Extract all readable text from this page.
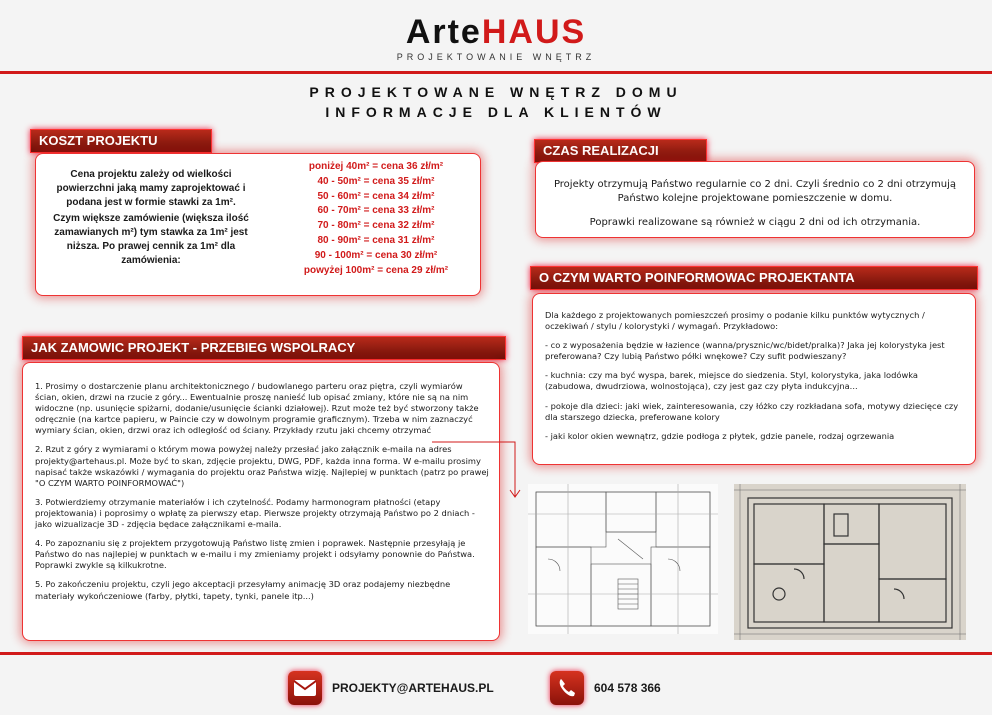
ArteHAUS
PROJEKTOWANIE WNĘTRZ
PROJEKTOWANE WNĘTRZ DOMU
INFORMACJE DLA KLIENTÓW
KOSZT PROJEKTU
Cena projektu zależy od wielkości powierzchni jaką mamy zaprojektować i podana jest w formie stawki za 1m².
Czym większe zamówienie (większa ilość zamawianych m²) tym stawka za 1m² jest niższa. Po prawej cennik za 1m² dla zamówienia:
poniżej 40m² = cena 36 zł/m²
40 - 50m² = cena 35 zł/m²
50 - 60m² = cena 34 zł/m²
60 - 70m² = cena 33 zł/m²
70 - 80m² = cena 32 zł/m²
80 - 90m² = cena 31 zł/m²
90 - 100m² = cena 30 zł/m²
powyżej 100m² = cena 29 zł/m²
CZAS REALIZACJI

Projekty otrzymują Państwo regularnie co 2 dni. Czyli średnio co 2 dni otrzymują Państwo kolejne projektowane pomieszczenie w domu.

Poprawki realizowane są również w ciągu 2 dni od ich otrzymania.

O CZYM WARTO POINFORMOWAC PROJEKTANTA

Dla każdego z projektowanych pomieszczeń prosimy o podanie kilku punktów wytycznych / oczekiwań / stylu / kolorystyki / wymagań. Przykładowo:

- co z wyposażenia będzie w łazience (wanna/prysznic/wc/bidet/pralka)? Jaka jej kolorystyka jest preferowana? Czy lubią Państwo półki wnękowe? Czy sufit podwieszany?

- kuchnia: czy ma być wyspa, barek, miejsce do siedzenia. Styl, kolorystyka, jaka lodówka (zabudowa, dwudrziowa, wolnostojąca), czy jest gaz czy płyta indukcyjna...

- pokoje dla dzieci: jaki wiek, zainteresowania, czy łóżko czy rozkładana sofa, motywy dziecięce czy dla starszego dziecka, preferowane kolory

- jaki kolor okien wewnątrz, gdzie podłoga z płytek, gdzie panele, rodzaj ogrzewania

JAK ZAMOWIC PROJEKT - PRZEBIEG WSPOLRACY

1. Prosimy o dostarczenie planu architektonicznego / budowlanego parteru oraz piętra, czyli wymiarów ścian, okien, drzwi na rzucie z góry... Ewentualnie proszę nanieść lub opisać zmiany, które nie są na nim widoczne (np. usunięcie spiżarni, dodanie/usunięcie ścianki działowej). Rzut może też być stworzony także odręcznie (na kartce papieru, w Paincie czy w dowolnym programie graficznym). Trzeba w nim zaznaczyć wymiary ścian, okien, drzwi oraz ich odległość od ściany. Przykłady rzutu jaki chcemy otrzymać

2. Rzut z góry z wymiarami o którym mowa powyżej należy przesłać jako załącznik e-maila na adres projekty@artehaus.pl. Może być to skan, zdjęcie projektu, DWG, PDF, każda inna forma. W e-mailu prosimy napisać także wskazówki / wymagania do projektu oraz Państwa wizję. Najlepiej w punktach (patrz po prawej "O CZYM WARTO POINFORMOWAĆ")

3. Potwierdziemy otrzymanie materiałów i ich czytelność. Podamy harmonogram płatności (etapy projektowania) i poprosimy o wpłatę za pierwszy etap. Pierwsze projekty otrzymają Państwo po 2 dniach - jako wizualizacje 3D - zdjęcia będace załącznikami e-maila.

4. Po zapoznaniu się z projektem przygotowują Państwo listę zmien i poprawek. Następnie przesyłają je Państwo do nas najlepiej w punktach w e-mailu i my zmieniamy projekt i odsyłamy ponownie do Państwa. Poprawki zwykle są kilkukrotne.

5. Po zakończeniu projektu, czyli jego akceptacji przesyłamy animację 3D oraz podajemy niezbędne materiały wykończeniowe (farby, płytki, tapety, tynki, panele itp...)

PROJEKTY@ARTEHAUS.PL	604 578 366
